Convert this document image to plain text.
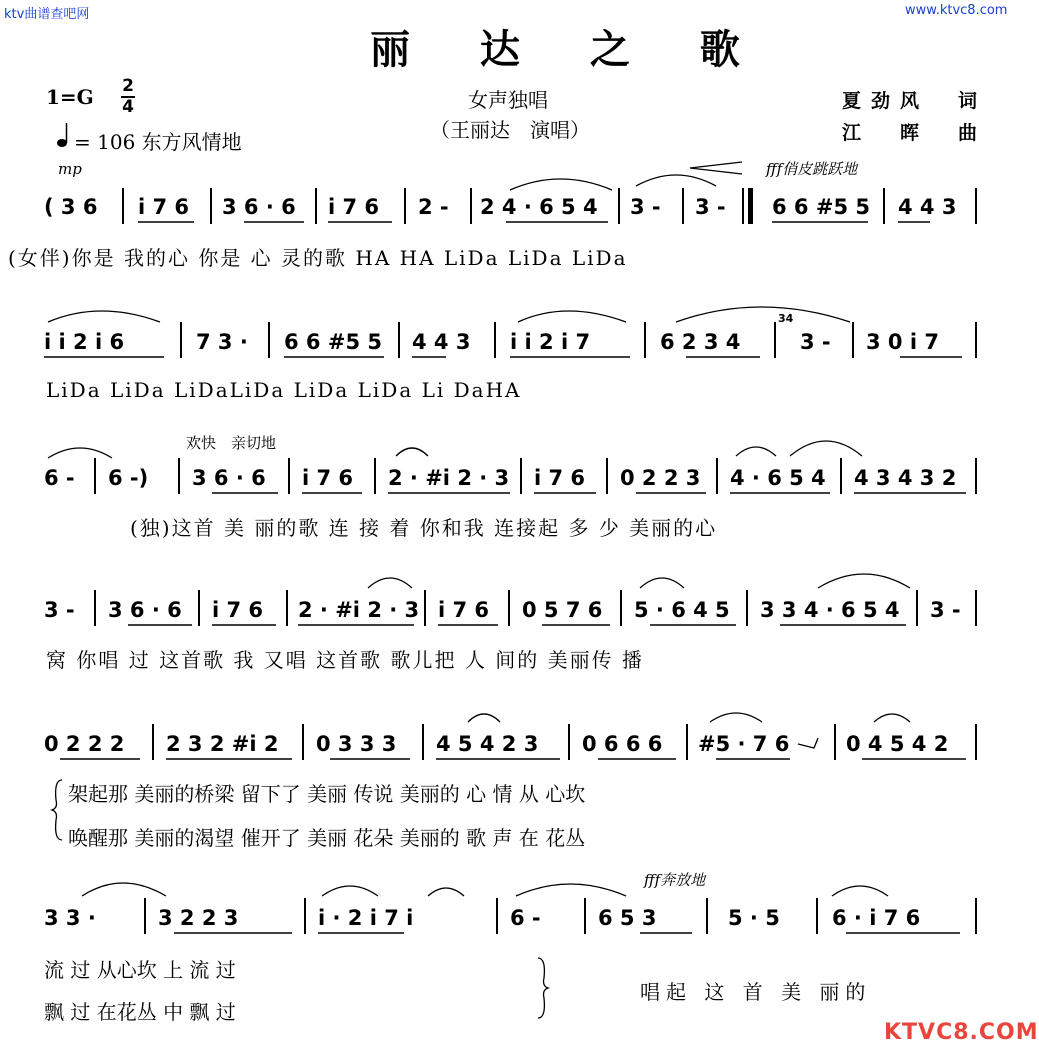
ktv曲谱查吧网	www.ktvc8.com
丽 达 之 歌
女声独唱
（王丽达　演唱）
夏劲风　词
江　晖　曲
1=G 2
4
= 106 东方风情地
mp	fff俏皮跳跃地
欢快　亲切地
fff奔放地
( 3 6 i 7 6 3 6 · 6 i 7 6 2 - 2 4 · 6 5 4 3 - 3 - 6 6 #5 5 4 4 3
(女伴)你是 我的心 你是 心 灵的歌 HA HA LiDa LiDa LiDa
i i 2 i 6	7 3 · 6 6 #5 5 4 4 3 i i 2 i 7	6 2 3 4	3 - 3 0 i 7
34
LiDa LiDa LiDaLiDa LiDa LiDa Li DaHA
6 - 6 -) 3 6 · 6 i 7 6 2 · #i 2 · 3 i 7 6 0 2 2 3 4 · 6 5 4 4 3 4 3 2
(独)这首 美 丽的歌 连 接 着 你和我 连接起 多 少 美丽的心
3 - 3 6 · 6 i 7 6 2 · #i 2 · 3 i 7 6 0 5 7 6 5 · 6 4 5 3 3 4 · 6 5 4 3 -
窝 你唱 过 这首歌 我 又唱 这首歌 歌儿把 人 间的 美丽传 播
0 2 2 2 2 3 2 #i 2 0 3 3 3 4 5 4 2 3 0 6 6 6 #5 · 7 6	0 4 5 4 2
架起那 美丽的桥梁 留下了 美丽 传说 美丽的 心 情 从 心坎
唤醒那 美丽的渴望 催开了 美丽 花朵 美丽的 歌 声 在 花丛
3 3 ·	3 2 2 3	i · 2 i 7 i	6 -	6 5 3	5 · 5 6 · i 7 6
流 过 从心坎 上 流 过
飘 过 在花丛 中 飘 过
唱起 这 首 美 丽的
KTVC8.COM
